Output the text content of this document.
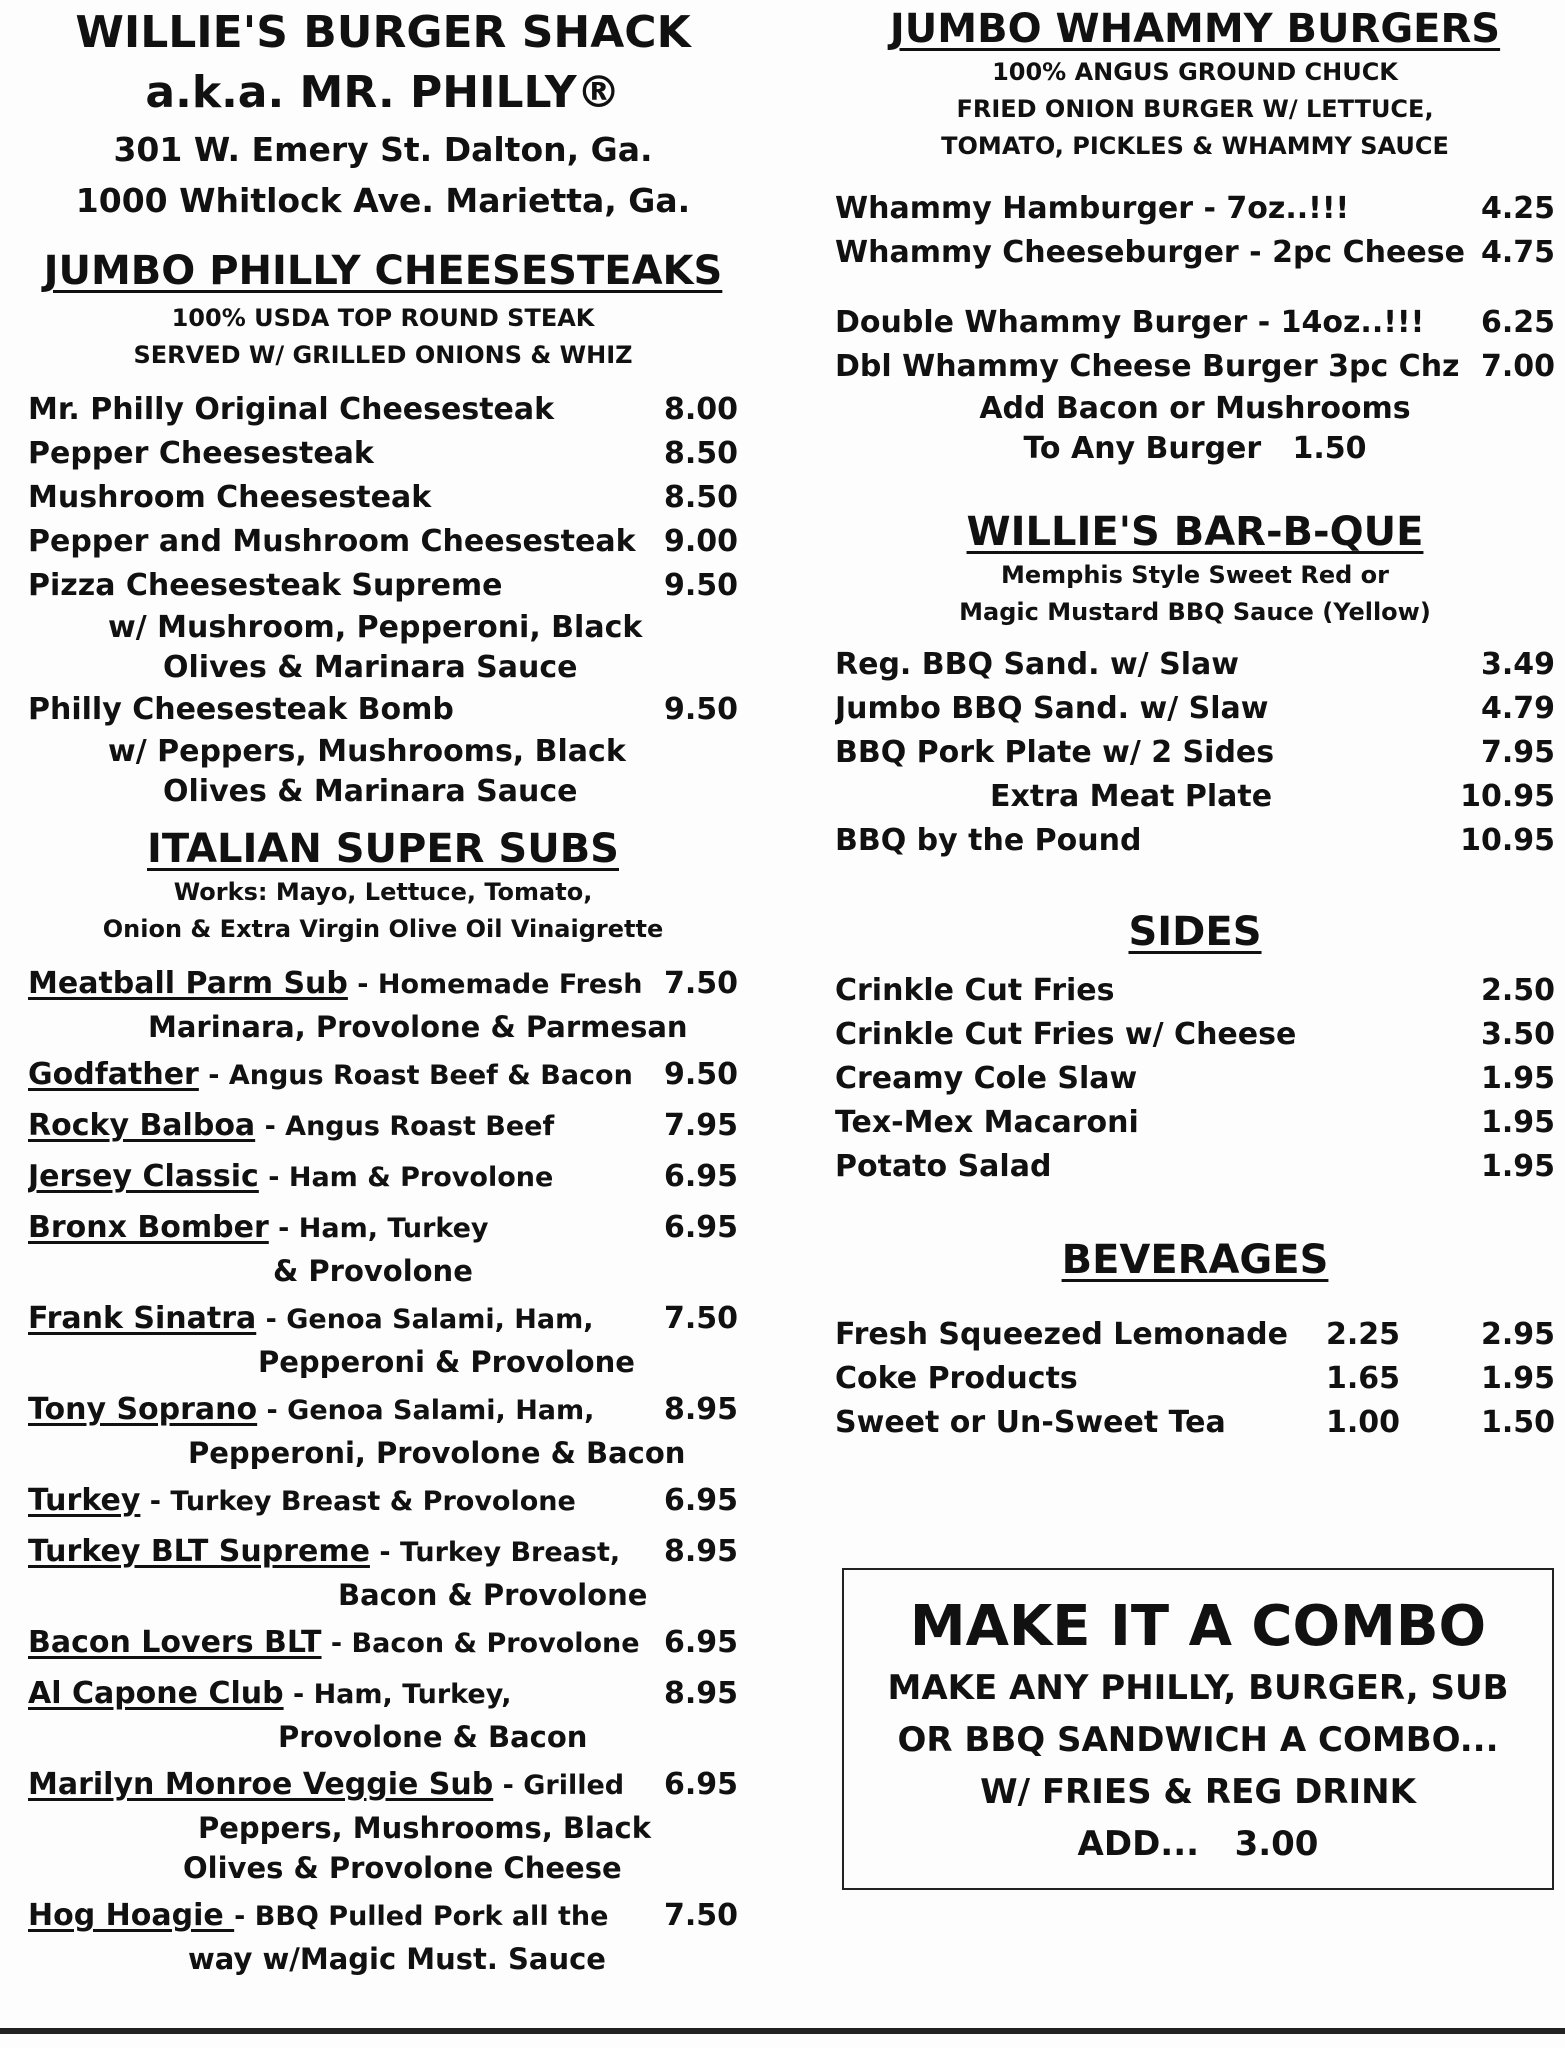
WILLIE'S BURGER SHACK
a.k.a. MR. PHILLY®
301 W. Emery St. Dalton, Ga.
1000 Whitlock Ave. Marietta, Ga.
JUMBO PHILLY CHEESESTEAKS
100% USDA TOP ROUND STEAK
SERVED W/ GRILLED ONIONS & WHIZ
Mr. Philly Original Cheesesteak	8.00
Pepper Cheesesteak	8.50
Mushroom Cheesesteak	8.50
Pepper and Mushroom Cheesesteak 9.00
Pizza Cheesesteak Supreme	9.50
w/ Mushroom, Pepperoni, Black
Olives & Marinara Sauce
Philly Cheesesteak Bomb	9.50
w/ Peppers, Mushrooms, Black
Olives & Marinara Sauce
ITALIAN SUPER SUBS
Works: Mayo, Lettuce, Tomato,
Onion & Extra Virgin Olive Oil Vinaigrette
Meatball Parm Sub - Homemade Fresh 7.50
Marinara, Provolone & Parmesan
Godfather - Angus Roast Beef & Bacon	9.50
Rocky Balboa - Angus Roast Beef	7.95
Jersey Classic - Ham & Provolone	6.95
Bronx Bomber - Ham, Turkey	6.95
& Provolone
Frank Sinatra - Genoa Salami, Ham,	7.50
Pepperoni & Provolone
Tony Soprano - Genoa Salami, Ham,	8.95
Pepperoni, Provolone & Bacon
Turkey - Turkey Breast & Provolone	6.95
Turkey BLT Supreme - Turkey Breast,	8.95
Bacon & Provolone
Bacon Lovers BLT - Bacon & Provolone 6.95
Al Capone Club - Ham, Turkey,	8.95
Provolone & Bacon
Marilyn Monroe Veggie Sub - Grilled	6.95
Peppers, Mushrooms, Black
Olives & Provolone Cheese
Hog Hoagie - BBQ Pulled Pork all the	7.50
way w/Magic Must. Sauce
JUMBO WHAMMY BURGERS
100% ANGUS GROUND CHUCK
FRIED ONION BURGER W/ LETTUCE,
TOMATO, PICKLES & WHAMMY SAUCE
Whammy Hamburger - 7oz..!!!	4.25
Whammy Cheeseburger - 2pc Cheese 4.75
Double Whammy Burger - 14oz..!!!	6.25
Dbl Whammy Cheese Burger 3pc Chz 7.00
Add Bacon or Mushrooms
To Any Burger   1.50
WILLIE'S BAR-B-QUE
Memphis Style Sweet Red or
Magic Mustard BBQ Sauce (Yellow)
Reg. BBQ Sand. w/ Slaw	3.49
Jumbo BBQ Sand. w/ Slaw	4.79
BBQ Pork Plate w/ 2 Sides	7.95
Extra Meat Plate	10.95
BBQ by the Pound	10.95
SIDES
Crinkle Cut Fries	2.50
Crinkle Cut Fries w/ Cheese	3.50
Creamy Cole Slaw	1.95
Tex-Mex Macaroni	1.95
Potato Salad	1.95
BEVERAGES
Fresh Squeezed Lemonade	2.25	2.95
Coke Products	1.65	1.95
Sweet or Un-Sweet Tea	1.00	1.50
MAKE IT A COMBO
MAKE ANY PHILLY, BURGER, SUB
OR BBQ SANDWICH A COMBO...
W/ FRIES & REG DRINK
ADD...   3.00
